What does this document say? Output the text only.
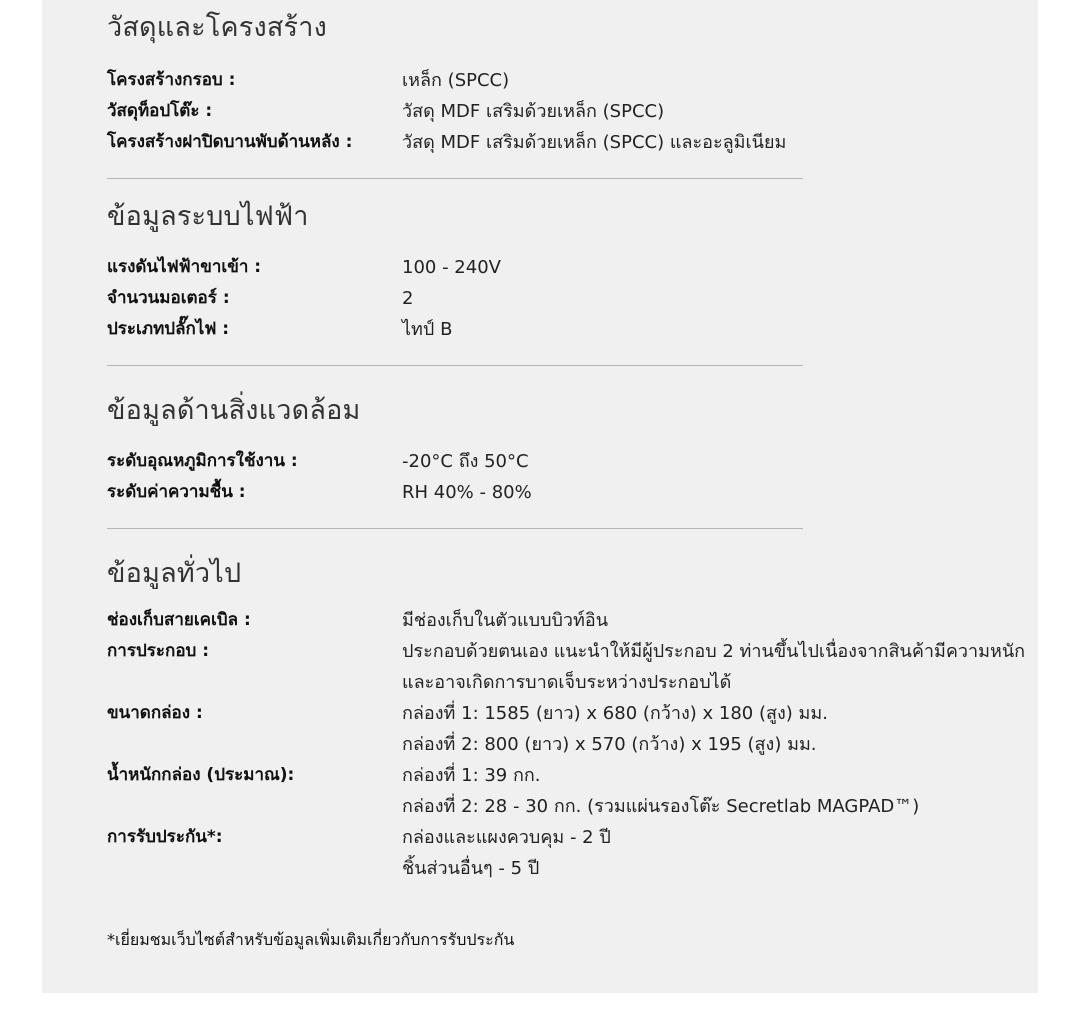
วัสดุและโครงสร้าง
โครงสร้างกรอบ :	เหล็ก (SPCC)
วัสดุท็อปโต๊ะ :	วัสดุ MDF เสริมด้วยเหล็ก (SPCC)
โครงสร้างฝาปิดบานพับด้านหลัง :	วัสดุ MDF เสริมด้วยเหล็ก (SPCC) และอะลูมิเนียม
ข้อมูลระบบไฟฟ้า
แรงดันไฟฟ้าขาเข้า :	100 - 240V
จำนวนมอเตอร์ :	2
ประเภทปลั๊กไฟ :	ไทป์ B
ข้อมูลด้านสิ่งแวดล้อม
ระดับอุณหภูมิการใช้งาน :	-20°C ถึง 50°C
ระดับค่าความชื้น :	RH 40% - 80%
ข้อมูลทั่วไป
ช่องเก็บสายเคเบิล :	มีช่องเก็บในตัวแบบบิวท์อิน
การประกอบ :	ประกอบด้วยตนเอง แนะนำให้มีผู้ประกอบ 2 ท่านขึ้นไปเนื่องจากสินค้ามีความหนัก
และอาจเกิดการบาดเจ็บระหว่างประกอบได้
ขนาดกล่อง :	กล่องที่ 1: 1585 (ยาว) x 680 (กว้าง) x 180 (สูง) มม.
กล่องที่ 2: 800 (ยาว) x 570 (กว้าง) x 195 (สูง) มม.
น้ำหนักกล่อง (ประมาณ):	กล่องที่ 1: 39 กก.
กล่องที่ 2: 28 - 30 กก. (รวมแผ่นรองโต๊ะ Secretlab MAGPAD™)
การรับประกัน*:	กล่องและแผงควบคุม - 2 ปี
ชิ้นส่วนอื่นๆ - 5 ปี
*เยี่ยมชมเว็บไซต์สำหรับข้อมูลเพิ่มเติมเกี่ยวกับการรับประกัน
